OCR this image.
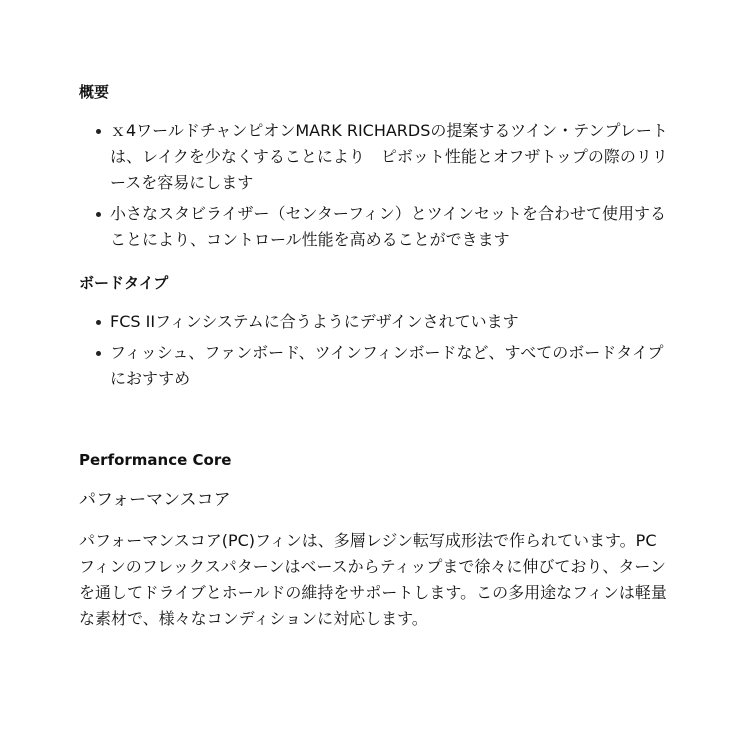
概要
ｘ4ワールドチャンピオンMARK RICHARDSの提案するツイン・テンプレートは、レイクを少なくすることにより　ピボット性能とオフザトップの際のリリースを容易にします
小さなスタビライザー（センターフィン）とツインセットを合わせて使用することにより、コントロール性能を高めることができます
ボードタイプ
FCS IIフィンシステムに合うようにデザインされています
フィッシュ、ファンボード、ツインフィンボードなど、すべてのボードタイプにおすすめ
Performance Core

パフォーマンスコア

パフォーマンスコア(PC)フィンは、多層レジン転写成形法で作られています。PCフィンのフレックスパターンはベースからティップまで徐々に伸びており、ターンを通してドライブとホールドの維持をサポートします。この多用途なフィンは軽量な素材で、様々なコンディションに対応します。
